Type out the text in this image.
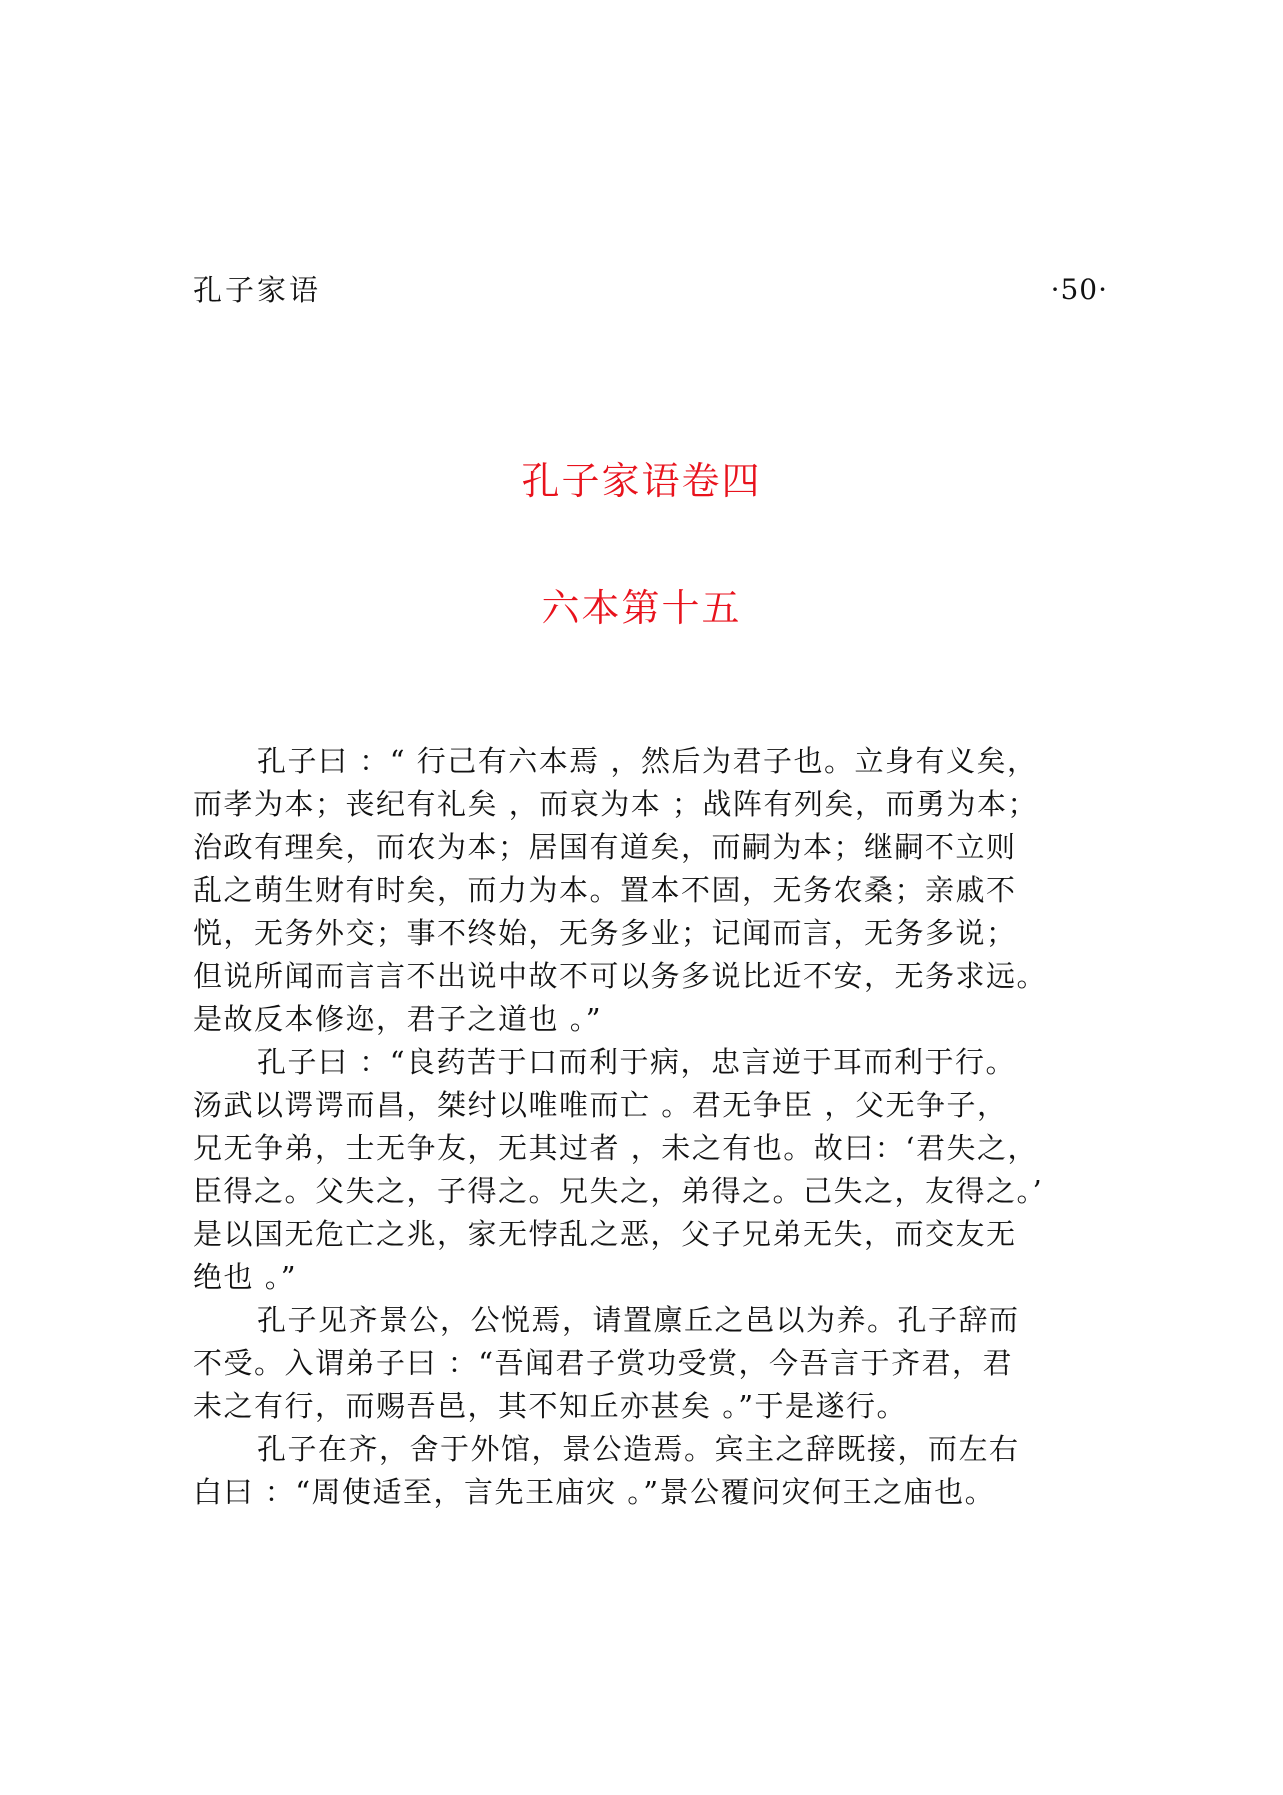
孔子家语	·50·
孔子家语卷四
六本第十五
孔子曰 ：“ 行己有六本焉 ，然后为君子也。立身有义矣，
而孝为本；丧纪有礼矣 ，而哀为本 ；战阵有列矣，而勇为本；
治政有理矣，而农为本；居国有道矣，而嗣为本；继嗣不立则
乱之萌生财有时矣，而力为本。置本不固，无务农桑；亲戚不
悦，无务外交；事不终始，无务多业；记闻而言，无务多说；
但说所闻而言言不出说中故不可以务多说比近不安，无务求远。
是故反本修迩，君子之道也 。”
孔子曰 ：“良药苦于口而利于病，忠言逆于耳而利于行。
汤武以谔谔而昌，桀纣以唯唯而亡 。君无争臣 ，父无争子，
兄无争弟，士无争友，无其过者 ，未之有也。故曰：‘君失之，
臣得之。父失之，子得之。兄失之，弟得之。己失之，友得之。’
是以国无危亡之兆，家无悖乱之恶，父子兄弟无失，而交友无
绝也 。”
孔子见齐景公，公悦焉，请置廪丘之邑以为养。孔子辞而
不受。入谓弟子曰 ：“吾闻君子赏功受赏，今吾言于齐君，君
未之有行，而赐吾邑，其不知丘亦甚矣 。”于是遂行。
孔子在齐，舍于外馆，景公造焉。宾主之辞既接，而左右
白曰 ：“周使适至，言先王庙灾 。”景公覆问灾何王之庙也。
